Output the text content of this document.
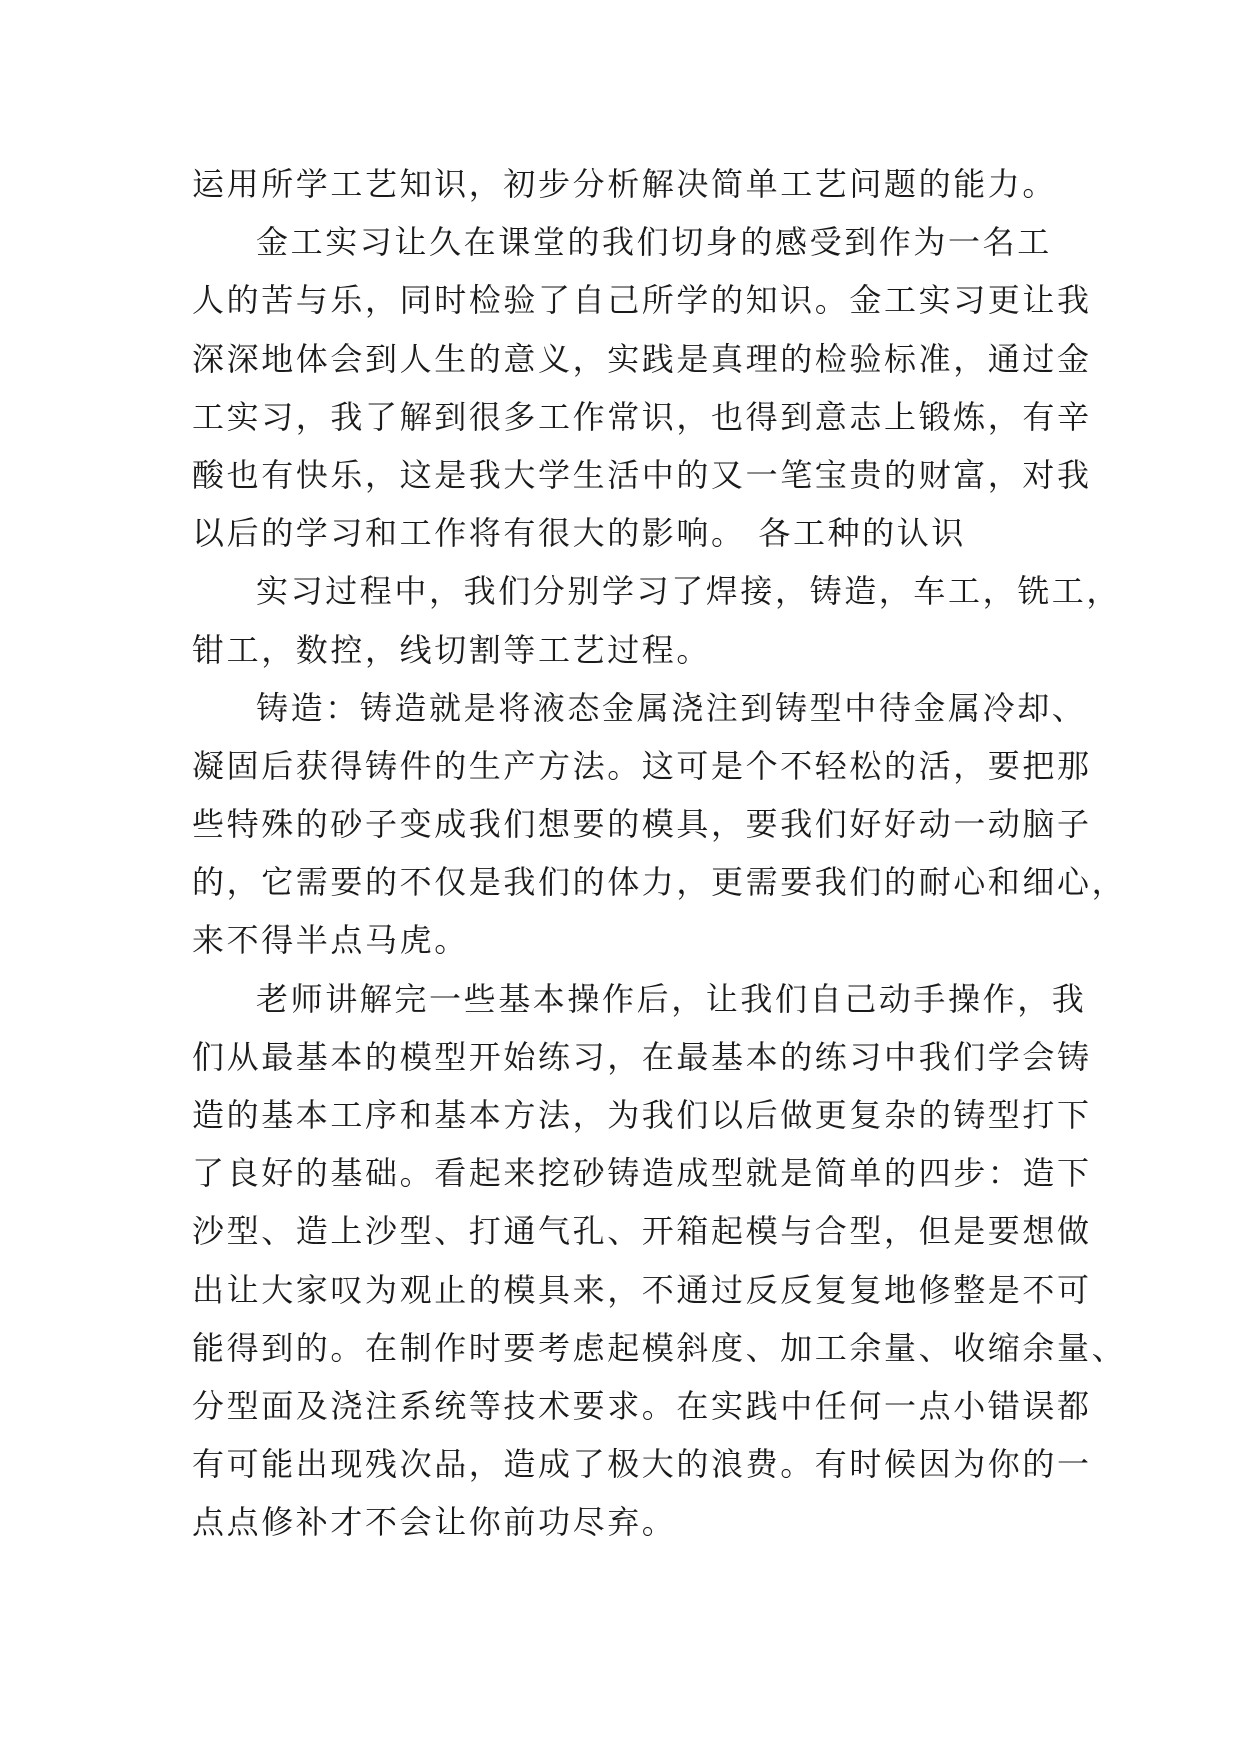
运用所学工艺知识，初步分析解决简单工艺问题的能力。
金工实习让久在课堂的我们切身的感受到作为一名工
人的苦与乐，同时检验了自己所学的知识。金工实习更让我
深深地体会到人生的意义，实践是真理的检验标准，通过金
工实习，我了解到很多工作常识，也得到意志上锻炼，有辛
酸也有快乐，这是我大学生活中的又一笔宝贵的财富，对我
以后的学习和工作将有很大的影响。 各工种的认识
实习过程中，我们分别学习了焊接，铸造，车工，铣工，
钳工，数控，线切割等工艺过程。
铸造：铸造就是将液态金属浇注到铸型中待金属冷却、
凝固后获得铸件的生产方法。这可是个不轻松的活，要把那
些特殊的砂子变成我们想要的模具，要我们好好动一动脑子
的，它需要的不仅是我们的体力，更需要我们的耐心和细心，
来不得半点马虎。
老师讲解完一些基本操作后，让我们自己动手操作，我
们从最基本的模型开始练习，在最基本的练习中我们学会铸
造的基本工序和基本方法，为我们以后做更复杂的铸型打下
了良好的基础。看起来挖砂铸造成型就是简单的四步：造下
沙型、造上沙型、打通气孔、开箱起模与合型，但是要想做
出让大家叹为观止的模具来，不通过反反复复地修整是不可
能得到的。在制作时要考虑起模斜度、加工余量、收缩余量、
分型面及浇注系统等技术要求。在实践中任何一点小错误都
有可能出现残次品，造成了极大的浪费。有时候因为你的一
点点修补才不会让你前功尽弃。
